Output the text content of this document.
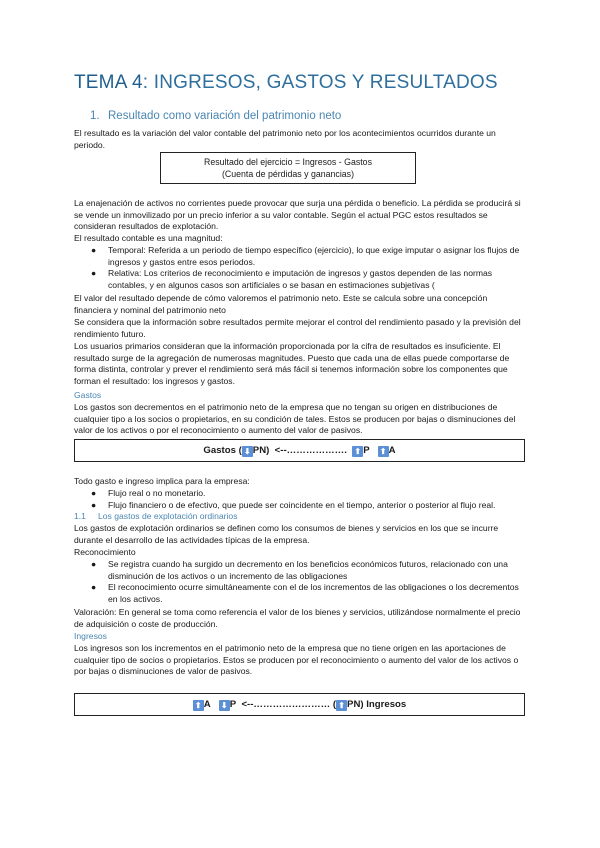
TEMA 4: INGRESOS, GASTOS Y RESULTADOS
1. Resultado como variación del patrimonio neto
El resultado es la variación del valor contable del patrimonio neto por los acontecimientos ocurridos durante un periodo.
Resultado del ejercicio = Ingresos - Gastos
(Cuenta de pérdidas y ganancias)
La enajenación de activos no corrientes puede provocar que surja una pérdida o beneficio. La pérdida se producirá si se vende un inmovilizado por un precio inferior a su valor contable. Según el actual PGC estos resultados se consideran resultados de explotación.
El resultado contable es una magnitud:
● Temporal: Referida a un periodo de tiempo específico (ejercicio), lo que exige imputar o asignar los flujos de ingresos y gastos entre esos periodos.
● Relativa: Los criterios de reconocimiento e imputación de ingresos y gastos dependen de las normas contables, y en algunos casos son artificiales o se basan en estimaciones subjetivas (
El valor del resultado depende de cómo valoremos el patrimonio neto. Este se calcula sobre una concepción financiera y nominal del patrimonio neto
Se considera que la información sobre resultados permite mejorar el control del rendimiento pasado y la previsión del rendimiento futuro.
Los usuarios primarios consideran que la información proporcionada por la cifra de resultados es insuficiente. El resultado surge de la agregación de numerosas magnitudes. Puesto que cada una de ellas puede comportarse de forma distinta, controlar y prever el rendimiento será más fácil si tenemos información sobre los componentes que forman el resultado: los ingresos y gastos.
Gastos
Los gastos son decrementos en el patrimonio neto de la empresa que no tengan su origen en distribuciones de cualquier tipo a los socios o propietarios, en su condición de tales. Estos se producen por bajas o disminuciones del valor de los activos o por el reconocimiento o aumento del valor de pasivos.
Gastos ( ⬇ PN) <--………………. ⬆ P ⬆ A
Todo gasto e ingreso implica para la empresa:
● Flujo real o no monetario.
● Flujo financiero o de efectivo, que puede ser coincidente en el tiempo, anterior o posterior al flujo real.
1.1 Los gastos de explotación ordinarios
Los gastos de explotación ordinarios se definen como los consumos de bienes y servicios en los que se incurre durante el desarrollo de las actividades típicas de la empresa.
Reconocimiento
● Se registra cuando ha surgido un decremento en los beneficios económicos futuros, relacionado con una disminución de los activos o un incremento de las obligaciones
● El reconocimiento ocurre simultáneamente con el de los incrementos de las obligaciones o los decrementos en los activos.
Valoración: En general se toma como referencia el valor de los bienes y servicios, utilizándose normalmente el precio de adquisición o coste de producción.
Ingresos
Los ingresos son los incrementos en el patrimonio neto de la empresa que no tiene origen en las aportaciones de cualquier tipo de socios o propietarios. Estos se producen por el reconocimiento o aumento del valor de los activos o por bajas o disminuciones de valor de pasivos.
⬆ A ⬇ P <--…………………… ( ⬆ PN) Ingresos
